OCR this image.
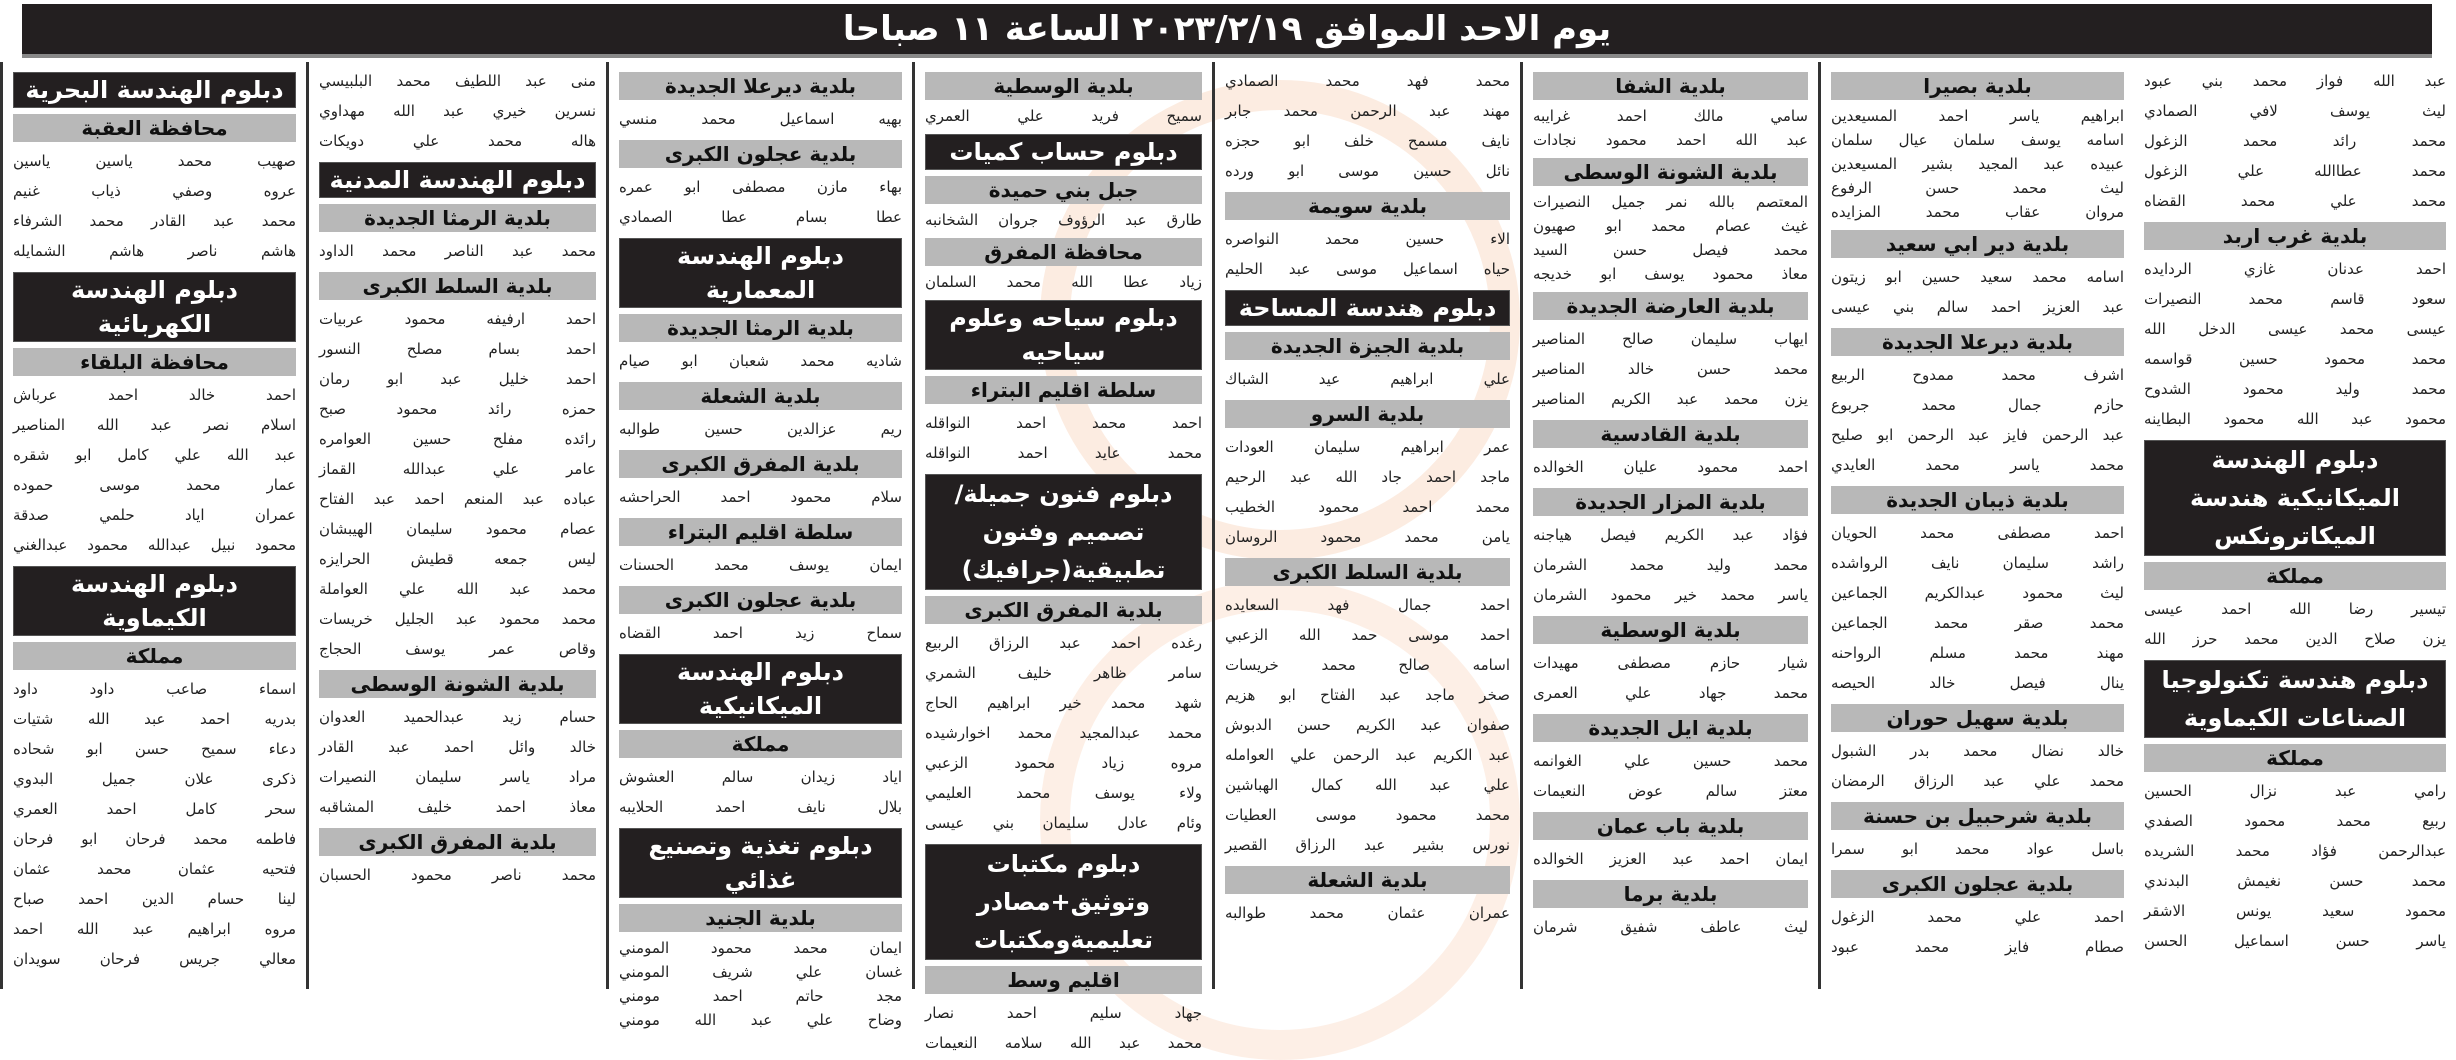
يوم الاحد الموافق ٢٠٢٣/٢/١٩ الساعة ١١ صباحا
دبلوم الهندسة البحرية
محافظة العقبة
صهيب
محمد
ياسين
ياسين
عروه
وصفي
ذياب
غنيم
محمد
عبد
القادر
محمد
الشرفاء
هاشم
ناصر
هاشم
الشمايله
دبلوم الهندسة الكهربائية
محافظة البلقاء
احمد
خالد
احمد
عرباش
اسلام
نصر
عبد
الله
المناصير
عبد
الله
علي
كامل
ابو
شقره
عمار
محمد
موسى
حموده
عمران
اياد
حلمي
صدقة
محمود
نبيل
عبدالله
محمود
عبدالغني
دبلوم الهندسة الكيماوية
مملكة
اسماء
صاعب
داود
داود
بدريه
احمد
عبد
الله
شتيات
دعاء
سميح
حسن
ابو
شحاده
ذكرى
علان
جميل
البدوي
سحر
كامل
احمد
العمري
فاطمه
محمد
فرحان
ابو
فرحان
فتحيه
عثمان
محمد
عثمان
لينا
حسام
الدين
احمد
صباح
مروه
ابراهيم
عبد
الله
احمد
معالي
جريس
فرحان
سويدان
منى
عبد
اللطيف
محمد
البلبيسي
نسرين
خيري
عبد
الله
مهداوي
هاله
محمد
علي
دويكات
دبلوم الهندسة المدنية
بلدية الرمثا الجديدة
محمد
عبد
الناصر
محمد
الداود
بلدية السلط الكبرى
احمد
ارفيفه
محمود
عربيات
احمد
بسام
مصلح
النسور
احمد
خليل
عبد
ابو
رمان
حمزه
رائد
محمود
صبح
رائده
مفلح
حسين
العوامره
عامر
علي
عبدالله
القماز
عباده
عبد
المنعم
احمد
عبد
الفتاح
عصام
محمود
سليمان
الهيبشان
ليس
جمعه
قطيش
الحرايزه
محمد
عبد
الله
علي
العواملة
محمد
محمود
عبد
الجليل
خريسات
وقاص
عمر
يوسف
الحجاج
بلدية الشونة الوسطى
حسام
زيد
عبدالحميد
العدوان
خالد
وائل
احمد
عبد
القادر
مراد
ياسر
سليمان
النصيرات
معاذ
احمد
خليف
المشاقبه
بلدية المفرق الكبرى
محمد
ناصر
محمود
الحسبان
بلدية ديرعلا الجديدة
بهيه
اسماعيل
محمد
منسي
بلدية عجلون الكبرى
بهاء
مازن
مصطفى
ابو
عمره
عطا
بسام
عطا
الصمادي
دبلوم الهندسة المعمارية
بلدية الرمثا الجديدة
شاديه
محمد
شعبان
ابو
صيام
بلدية الشعلة
ريم
عزالدين
حسين
طوالبه
بلدية المفرق الكبرى
سلام
محمود
احمد
الحراحشه
سلطة اقليم البتراء
ايمان
يوسف
محمد
الحسنات
بلدية عجلون الكبرى
سماح
زيد
احمد
القضاه
دبلوم الهندسة الميكانيكية
مملكة
اياد
زيدان
سالم
العشوش
بلال
نايف
احمد
الحلايبه
دبلوم تغذية وتصنيع غذائي
بلدية الجنيد
ايمان
محمد
محمود
المومني
غسان
علي
شريف
المومني
مجد
حاتم
احمد
مومني
وضاح
علي
عبد
الله
مومني
بلدية الوسطية
سميح
فريد
علي
العمري
دبلوم حساب كميات
جبل بني حميدة
طارق
عبد
الرؤوف
جروان
الشخانبه
محافظة المفرق
زياد
عطا
الله
محمد
السلمان
دبلوم سياحه وعلوم سياحيه
سلطة اقليم البتراء
احمد
محمد
احمد
النواقله
محمد
عايد
احمد
النواقله
دبلوم فنون جميلة/تصميم وفنون تطبيقية(جرافيك)
بلدية المفرق الكبرى
رغده
احمد
عبد
الرزاق
الربيع
سامر
ظاهر
خليف
الشمري
شهد
محمد
خير
ابراهيم
الحاج
محمد
عبدالمجيد
محمد
اخوارشيده
مروه
زياد
محمود
الزعبي
ولاء
يوسف
محمد
العليمي
وئام
عادل
سليمان
بني
عيسى
دبلوم مكتبات وتوثيق+مصادر تعليميةومكتبات
اقليم وسط
جهاد
سليم
احمد
نصار
محمد
عبد
الله
سلامه
النعيمات
محمد
فهد
محمد
الصمادي
مهند
عبد
الرحمن
محمد
جابر
نايف
مسمح
خلف
ابو
حجزه
نائل
حسين
موسى
ابو
ورده
بلدية سويمة
الاء
حسين
محمد
النواصره
حياه
اسماعيل
موسى
عبد
الحليم
دبلوم هندسة المساحة
بلدية الجيزة الجديدة
علي
ابراهيم
عيد
الشباك
بلدية السرو
عمر
ابراهيم
سليمان
العودات
ماجد
احمد
جاد
الله
عبد
الرحيم
محمد
احمد
محمود
الخطيب
يامن
محمد
محمود
الروسان
بلدية السلط الكبرى
احمد
جمال
فهد
السعايده
احمد
موسى
حمد
الله
الزعبي
اسامه
صالح
محمد
خريسات
صخر
ماجد
عبد
الفتاح
ابو
هزيم
صفوان
عبد
الكريم
حسن
الدبوش
عبد
الكريم
عبد
الرحمن
علي
العوامله
علي
عبد
الله
كمال
الهباشين
محمد
محمود
موسى
العطيات
نورس
بشير
عبد
الرزاق
القصير
بلدية الشعلة
عمران
عثمان
محمد
طوالبه
بلدية الشفا
سامي
مالك
احمد
غرايبه
عبد
الله
احمد
محمود
نجادات
بلدية الشونة الوسطى
المعتصم
بالله
نمر
جميل
النصيرات
غيث
عصام
محمد
ابو
صهيون
محمد
فيصل
حسن
السيد
معاذ
محمود
يوسف
ابو
خديجه
بلدية العارضة الجديدة
ايهاب
سليمان
صالح
المناصير
محمد
حسن
خالد
المناصير
يزن
محمد
عبد
الكريم
المناصير
بلدية القادسية
احمد
محمود
عليان
الخوالده
بلدية المزار الجديدة
فؤاد
عبد
الكريم
فيصل
هياجنه
محمد
وليد
محمد
الشرمان
ياسر
محمد
خير
محمود
الشرمان
بلدية الوسطية
شيار
حازم
مصطفى
مهيدات
محمد
جهاد
علي
العمرى
بلدية ايل الجديدة
محمد
حسين
علي
الغوانمه
معتز
سالم
عوض
النعيمات
بلدية باب عمان
ايمان
احمد
عبد
العزيز
الخوالده
بلدية برما
ليث
عاطف
شفيق
شرمان
بلدية بصيرا
ابراهيم
ياسر
احمد
المسيعدين
اسامه
يوسف
سلمان
عيال
سلمان
عبيده
عبد
المجيد
بشير
المسيعدين
ليث
محمد
حسن
الرفوع
مروان
عقاب
محمد
المزايده
بلدية دير ابي سعيد
اسامه
محمد
سعيد
حسين
ابو
زيتون
عبد
العزيز
احمد
سالم
بني
عيسى
بلدية ديرعلا الجديدة
اشرف
محمد
ممدوح
الربيع
حازم
جمال
محمد
جربوع
عبد
الرحمن
فايز
عبد
الرحمن
ابو
صليح
محمد
ياسر
محمد
العايدي
بلدية ذيبان الجديدة
احمد
مصطفى
محمد
الحويان
راشد
سليمان
نايف
الرواشده
ليث
محمود
عبدالكريم
الجماعين
محمد
صقر
محمد
الجماعين
مهند
محمد
مسلم
الرواحنه
ينال
فيصل
خالد
الحيصه
بلدية سهيل حوران
خالد
نضال
محمد
بدر
الشبول
محمد
علي
عبد
الرزاق
الرمضان
بلدية شرحبيل بن حسنة
باسل
عواد
محمد
ابو
سمرا
بلدية عجلون الكبرى
احمد
علي
محمد
الزغول
صطام
فايز
محمد
عبود
عبد
الله
فواز
محمد
بني
عبود
ليث
يوسف
لافي
الصمادي
محمد
رائد
محمد
الزغول
محمد
عطاالله
علي
الزغول
محمد
علي
محمد
القضاه
بلدية غرب اربد
احمد
عدنان
غازي
الردايده
سعود
قاسم
محمد
النصيرات
عيسى
محمد
عيسى
الدخل
الله
محمد
محمود
حسين
قواسمه
محمد
وليد
محمود
الشدوح
محمود
عبد
الله
محمود
البطاينه
دبلوم الهندسة الميكانيكية هندسة الميكاترونكس
مملكة
تيسير
رضا
الله
احمد
عيسى
يزن
صلاح
الدين
محمد
حرز
الله
دبلوم هندسة تكنولوجيا الصناعات الكيماوية
مملكة
رامي
عبد
نزال
الحسين
ربيع
محمد
محمود
الصفدي
عبدالرحمن
فؤاد
محمد
الشريده
محمد
حسن
نغيمش
البدندي
محمود
سعيد
يونس
الاشقر
ياسر
حسن
اسماعيل
الحسن
